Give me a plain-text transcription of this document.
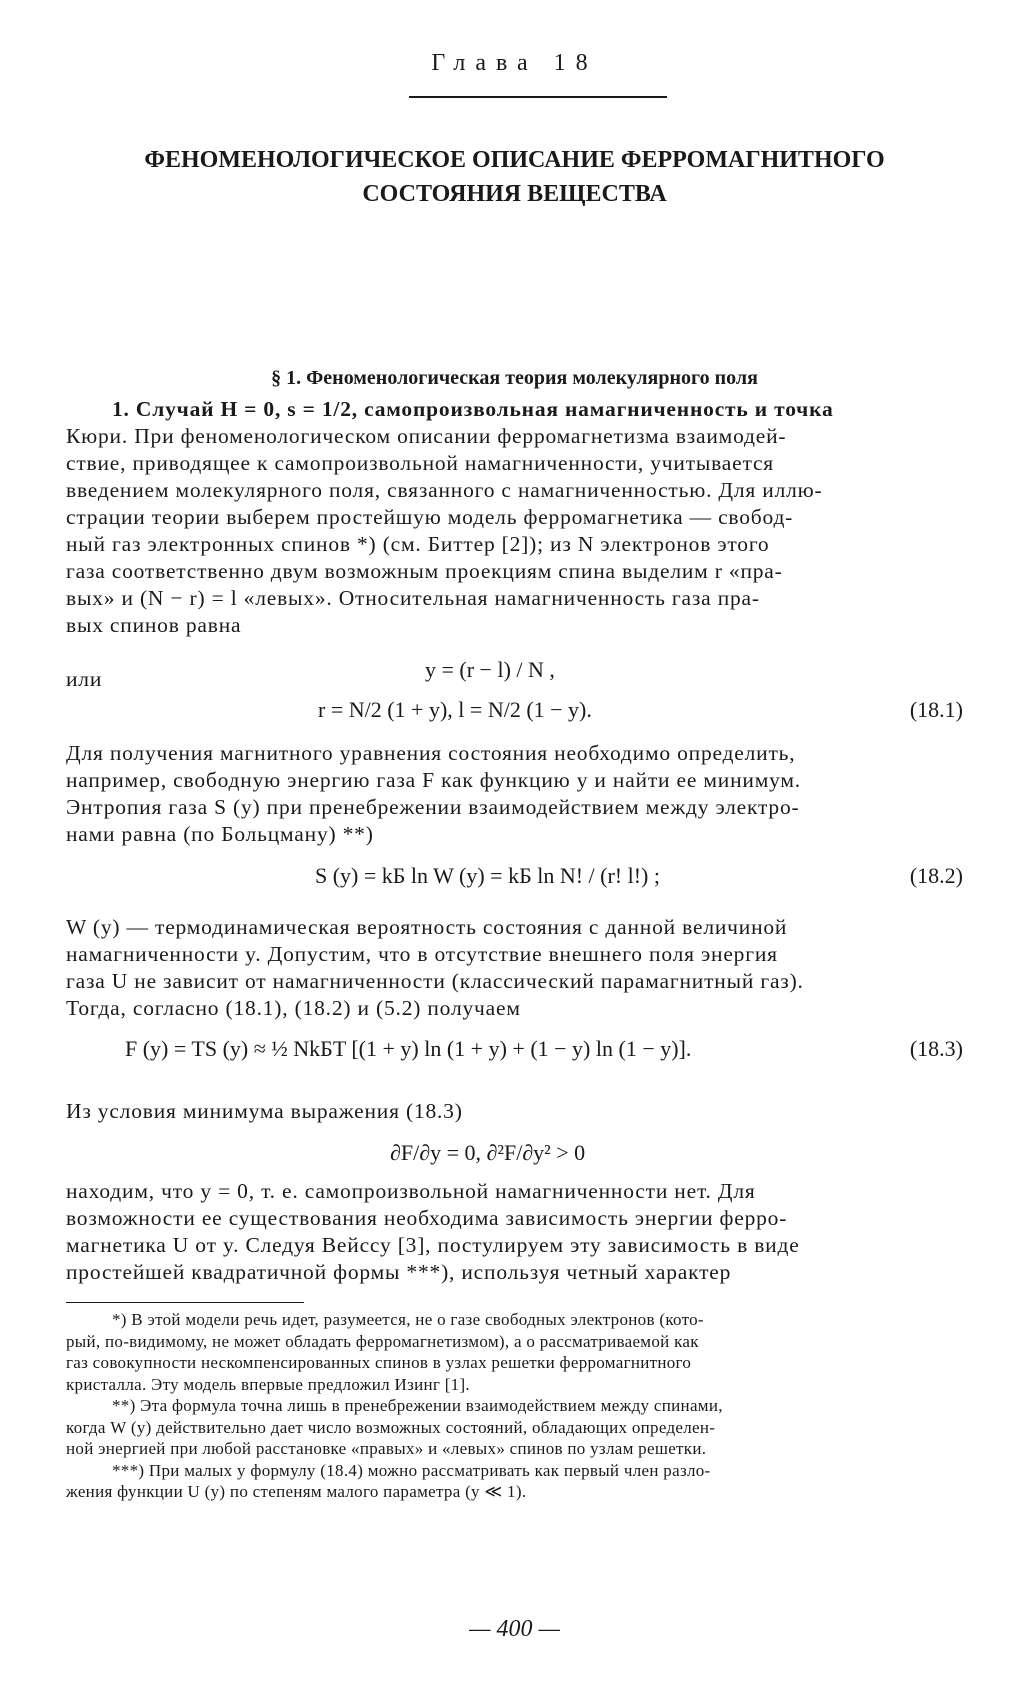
Глава 18
ФЕНОМЕНОЛОГИЧЕСКОЕ ОПИСАНИЕ ФЕРРОМАГНИТНОГО
СОСТОЯНИЯ ВЕЩЕСТВА
§ 1. Феноменологическая теория молекулярного поля
1. Случай H = 0, s = 1/2, самопроизвольная намагниченность и точка
Кюри. При феноменологическом описании ферромагнетизма взаимодей-
ствие, приводящее к самопроизвольной намагниченности, учитывается
введением молекулярного поля, связанного с намагниченностью. Для иллю-
страции теории выберем простейшую модель ферромагнетика — свобод-
ный газ электронных спинов *) (см. Биттер [2]); из N электронов этого
газа соответственно двум возможным проекциям спина выделим r «пра-
вых» и (N − r) = l «левых». Относительная намагниченность газа пра-
вых спинов равна
y = (r − l) / N ,
или
r = N/2 (1 + y), l = N/2 (1 − y).	(18.1)
Для получения магнитного уравнения состояния необходимо определить,
например, свободную энергию газа F как функцию y и найти ее минимум.
Энтропия газа S (y) при пренебрежении взаимодействием между электро-
нами равна (по Больцману) **)
S (y) = kБ ln W (y) = kБ ln N! / (r! l!) ;	(18.2)
W (y) — термодинамическая вероятность состояния с данной величиной
намагниченности y. Допустим, что в отсутствие внешнего поля энергия
газа U не зависит от намагниченности (классический парамагнитный газ).
Тогда, согласно (18.1), (18.2) и (5.2) получаем
F (y) = TS (y) ≈ ½ NkБT [(1 + y) ln (1 + y) + (1 − y) ln (1 − y)].	(18.3)
Из условия минимума выражения (18.3)
∂F/∂y = 0, ∂²F/∂y² > 0
находим, что y = 0, т. е. самопроизвольной намагниченности нет. Для
возможности ее существования необходима зависимость энергии ферро-
магнетика U от y. Следуя Вейссу [3], постулируем эту зависимость в виде
простейшей квадратичной формы ***), используя четный характер
*) В этой модели речь идет, разумеется, не о газе свободных электронов (кото-
рый, по-видимому, не может обладать ферромагнетизмом), а о рассматриваемой как
газ совокупности нескомпенсированных спинов в узлах решетки ферромагнитного
кристалла. Эту модель впервые предложил Изинг [1].
**) Эта формула точна лишь в пренебрежении взаимодействием между спинами,
когда W (y) действительно дает число возможных состояний, обладающих определен-
ной энергией при любой расстановке «правых» и «левых» спинов по узлам решетки.
***) При малых y формулу (18.4) можно рассматривать как первый член разло-
жения функции U (y) по степеням малого параметра (y ≪ 1).
— 400 —
